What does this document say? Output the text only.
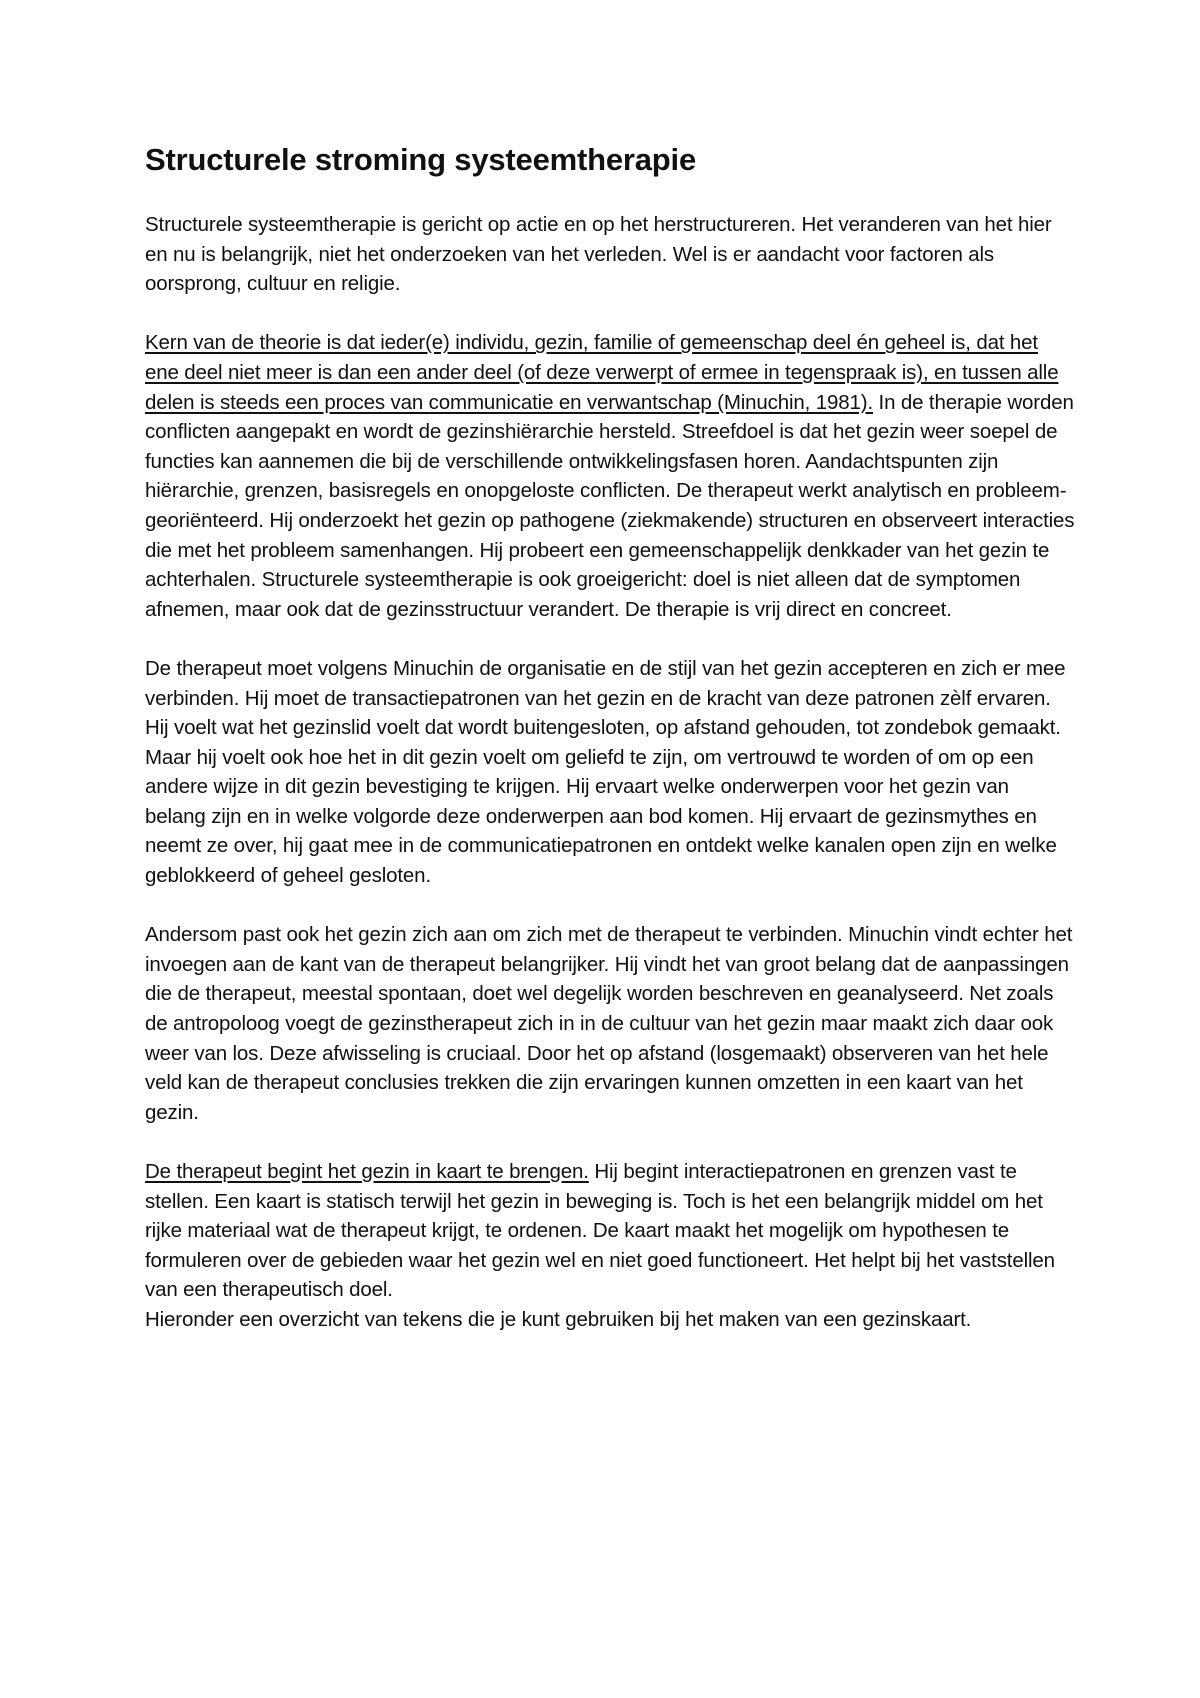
Structurele stroming systeemtherapie

Structurele systeemtherapie is gericht op actie en op het herstructureren. Het veranderen van het hier en nu is belangrijk, niet het onderzoeken van het verleden. Wel is er aandacht voor factoren als oorsprong, cultuur en religie.

Kern van de theorie is dat ieder(e) individu, gezin, familie of gemeenschap deel én geheel is, dat het ene deel niet meer is dan een ander deel (of deze verwerpt of ermee in tegenspraak is), en tussen alle delen is steeds een proces van communicatie en verwantschap (Minuchin, 1981). In de therapie worden conflicten aangepakt en wordt de gezinshiërarchie hersteld. Streefdoel is dat het gezin weer soepel de functies kan aannemen die bij de verschillende ontwikkelingsfasen horen. Aandachtspunten zijn hiërarchie, grenzen, basisregels en onopgeloste conflicten. De therapeut werkt analytisch en probleem-georiënteerd. Hij onderzoekt het gezin op pathogene (ziekmakende) structuren en observeert interacties die met het probleem samenhangen. Hij probeert een gemeenschappelijk denkkader van het gezin te achterhalen. Structurele systeemtherapie is ook groeigericht: doel is niet alleen dat de symptomen afnemen, maar ook dat de gezinsstructuur verandert. De therapie is vrij direct en concreet.

De therapeut moet volgens Minuchin de organisatie en de stijl van het gezin accepteren en zich er mee verbinden. Hij moet de transactiepatronen van het gezin en de kracht van deze patronen zèlf ervaren. Hij voelt wat het gezinslid voelt dat wordt buitengesloten, op afstand gehouden, tot zondebok gemaakt. Maar hij voelt ook hoe het in dit gezin voelt om geliefd te zijn, om vertrouwd te worden of om op een andere wijze in dit gezin bevestiging te krijgen. Hij ervaart welke onderwerpen voor het gezin van belang zijn en in welke volgorde deze onderwerpen aan bod komen. Hij ervaart de gezinsmythes en neemt ze over, hij gaat mee in de communicatiepatronen en ontdekt welke kanalen open zijn en welke geblokkeerd of geheel gesloten.

Andersom past ook het gezin zich aan om zich met de therapeut te verbinden. Minuchin vindt echter het invoegen aan de kant van de therapeut belangrijker. Hij vindt het van groot belang dat de aanpassingen die de therapeut, meestal spontaan, doet wel degelijk worden beschreven en geanalyseerd. Net zoals de antropoloog voegt de gezinstherapeut zich in in de cultuur van het gezin maar maakt zich daar ook weer van los. Deze afwisseling is cruciaal. Door het op afstand (losgemaakt) observeren van het hele veld kan de therapeut conclusies trekken die zijn ervaringen kunnen omzetten in een kaart van het gezin.

De therapeut begint het gezin in kaart te brengen. Hij begint interactiepatronen en grenzen vast te stellen. Een kaart is statisch terwijl het gezin in beweging is. Toch is het een belangrijk middel om het rijke materiaal wat de therapeut krijgt, te ordenen. De kaart maakt het mogelijk om hypothesen te formuleren over de gebieden waar het gezin wel en niet goed functioneert. Het helpt bij het vaststellen van een therapeutisch doel.

Hieronder een overzicht van tekens die je kunt gebruiken bij het maken van een gezinskaart.
